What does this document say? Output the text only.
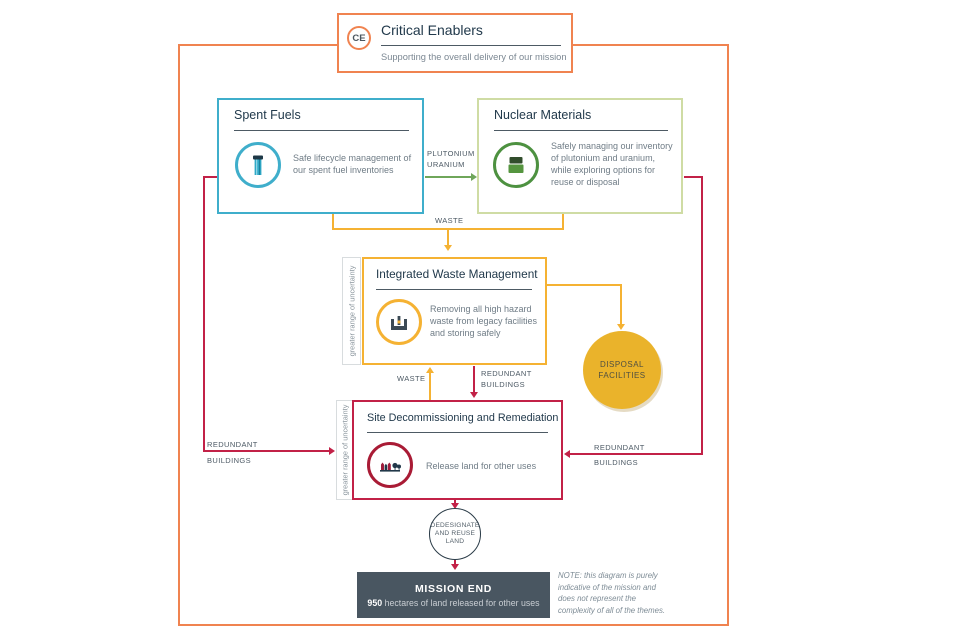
CE	Critical Enablers
Supporting the overall delivery of our mission
Spent Fuels
Safe lifecycle management of our spent fuel inventories
Nuclear Materials
Safely managing our inventory of plutonium and uranium, while exploring options for reuse or disposal
PLUTONIUM
URANIUM
WASTE
greater range of uncertainty Integrated Waste Management
Removing all high hazard waste from legacy facilities and storing safely
DISPOSAL
FACILITIES
WASTE
REDUNDANT
BUILDINGS
greater range of uncertainty Site Decommissioning and Remediation
Release land for other uses
REDUNDANT
BUILDINGS
REDUNDANT
BUILDINGS
DEDESIGNATE
AND REUSE
LAND
MISSION END
950 hectares of land released for other uses
NOTE: this diagram is purely indicative of the mission and does not represent the complexity of all of the themes.
